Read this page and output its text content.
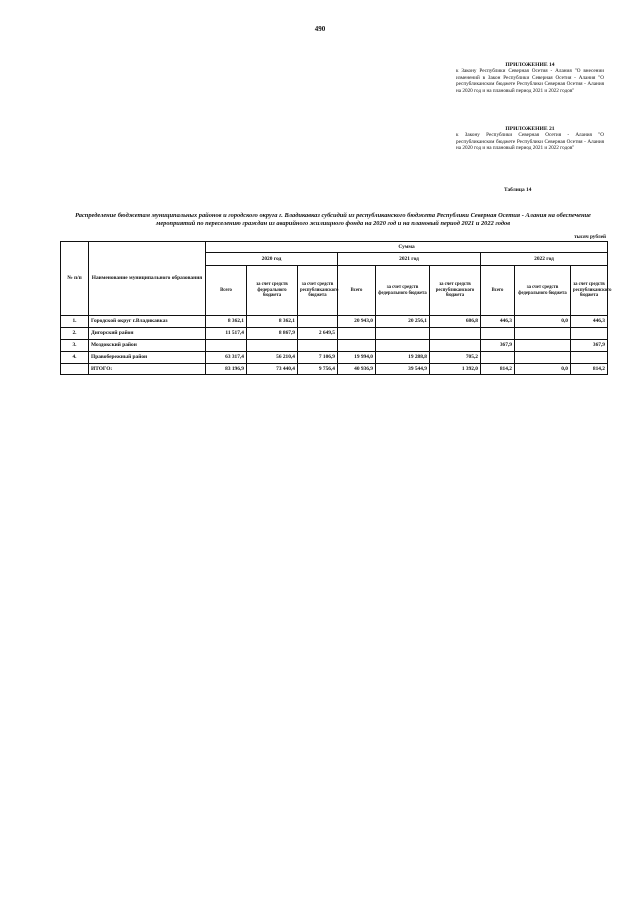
490
ПРИЛОЖЕНИЕ 14
к Закону Республики Северная Осетия - Алания "О внесении изменений в Закон Республики Северная Осетия - Алания "О республиканском бюджете Республики Северная Осетия - Алания на 2020 год и на плановый период 2021 и 2022 годов"
ПРИЛОЖЕНИЕ 21
к Закону Республики Северная Осетия - Алания "О республиканском бюджете Республики Северная Осетия - Алания на 2020 год и на плановый период 2021 и 2022 годов"
Таблица 14
Распределение бюджетам муниципальных районов и городского округа г. Владикавказ субсидий из республиканского бюджета Республики Северная Осетия - Алания на обеспечение мероприятий по переселению граждан из аварийного жилищного фонда на 2020 год и на плановый период 2021 и 2022 годов
тысяч рублей
№ п/п	Наименование муниципального образования	Сумма								
		2020 год			2021 год			2022 год		
		Всего	за счет средств федерального бюджета	за счет средств республиканского бюджета	Всего	за счет средств федерального бюджета	за счет средств республиканского бюджета	Всего	за счет средств федерального бюджета	за счет средств республиканского бюджета
1.	Городской округ г.Владикавказ	8 362,1	8 362,1		20 943,0	20 256,1	686,8	446,3	0,0	446,3
2.	Дигорский район	11 517,4	8 867,9	2 649,5						
3.	Моздокский район							367,9		367,9
4.	Правобережный район	63 317,4	56 210,4	7 106,9	19 994,0	19 288,8	705,2			
	ИТОГО:	83 196,9	73 440,4	9 756,4	40 936,9	39 544,9	1 392,0	814,2	0,0	814,2
